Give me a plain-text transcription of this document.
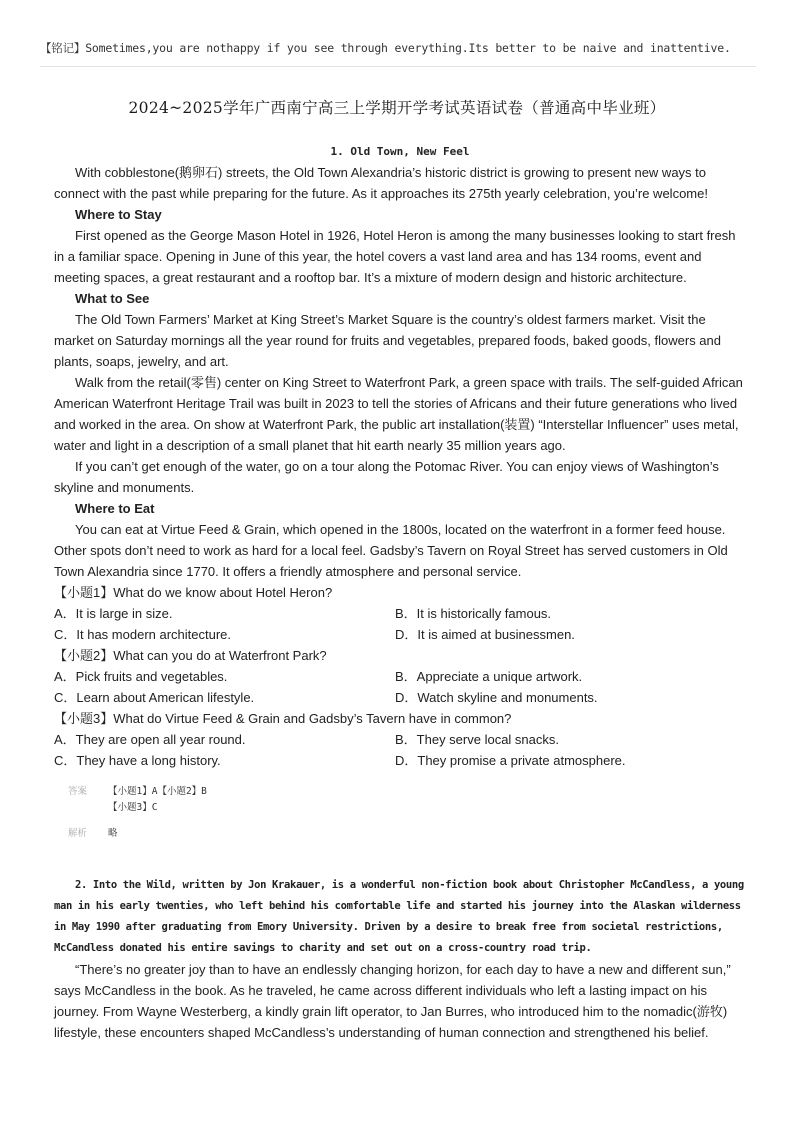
【铭记】Sometimes,you are nothappy if you see through everything.Its better to be naive and inattentive.
2024~2025学年广西南宁高三上学期开学考试英语试卷（普通高中毕业班）
1. Old Town, New Feel

With cobblestone(鹅卵石) streets, the Old Town Alexandria’s historic district is growing to present new ways to connect with the past while preparing for the future. As it approaches its 275th yearly celebration, you’re welcome!

Where to Stay

First opened as the George Mason Hotel in 1926, Hotel Heron is among the many businesses looking to start fresh in a familiar space. Opening in June of this year, the hotel covers a vast land area and has 134 rooms, event and meeting spaces, a great restaurant and a rooftop bar. It’s a mixture of modern design and historic architecture.

What to See

The Old Town Farmers’ Market at King Street’s Market Square is the country’s oldest farmers market. Visit the market on Saturday mornings all the year round for fruits and vegetables, prepared foods, baked goods, flowers and plants, soaps, jewelry, and art.

Walk from the retail(零售) center on King Street to Waterfront Park, a green space with trails. The self-guided African American Waterfront Heritage Trail was built in 2023 to tell the stories of Africans and their future generations who lived and worked in the area. On show at Waterfront Park, the public art installation(装置) “Interstellar Influencer” uses metal, water and light in a description of a small planet that hit earth nearly 35 million years ago.

If you can’t get enough of the water, go on a tour along the Potomac River. You can enjoy views of Washington’s skyline and monuments.

Where to Eat

You can eat at Virtue Feed & Grain, which opened in the 1800s, located on the waterfront in a former feed house. Other spots don’t need to work as hard for a local feel. Gadsby’s Tavern on Royal Street has served customers in Old Town Alexandria since 1770. It offers a friendly atmosphere and personal service.

【小题1】What do we know about Hotel Heron?

A．It is large in size.	B．It is historically famous.
C．It has modern architecture.	D．It is aimed at businessmen.

【小题2】What can you do at Waterfront Park?

A．Pick fruits and vegetables.	B．Appreciate a unique artwork.
C．Learn about American lifestyle.	D．Watch skyline and monuments.

【小题3】What do Virtue Feed & Grain and Gadsby’s Tavern have in common?

A．They are open all year round.	B．They serve local snacks.
C．They have a long history.	D．They promise a private atmosphere.
答案	【小题1】A【小题2】B
【小题3】C
解析	略

2. Into the Wild, written by Jon Krakauer, is a wonderful non-fiction book about Christopher McCandless, a young man in his early twenties, who left behind his comfortable life and started his journey into the Alaskan wilderness in May 1990 after graduating from Emory University. Driven by a desire to break free from societal restrictions, McCandless donated his entire savings to charity and set out on a cross-country road trip.

“There’s no greater joy than to have an endlessly changing horizon, for each day to have a new and different sun,” says McCandless in the book. As he traveled, he came across different individuals who left a lasting impact on his journey. From Wayne Westerberg, a kindly grain lift operator, to Jan Burres, who introduced him to the nomadic(游牧) lifestyle, these encounters shaped McCandless’s understanding of human connection and strengthened his belief.
